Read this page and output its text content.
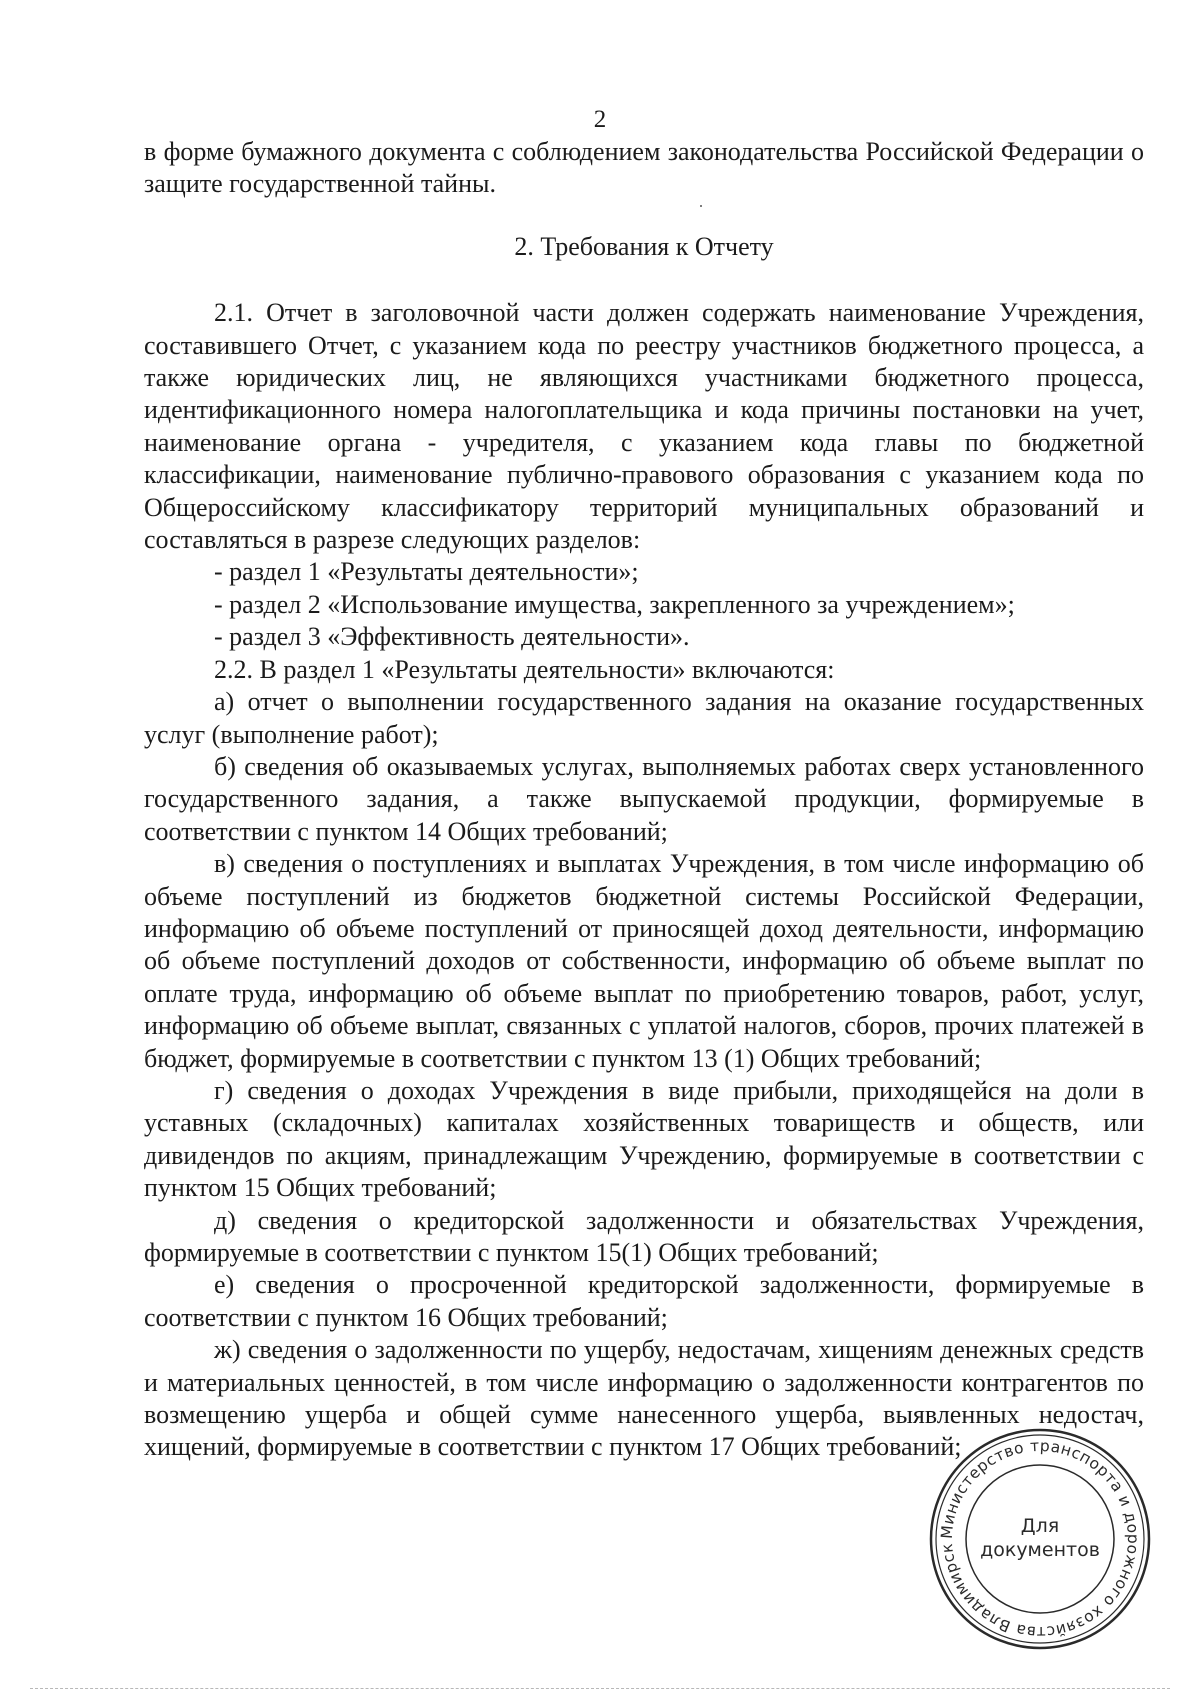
2

в форме бумажного документа с соблюдением законодательства Российской Федерации о защите государственной тайны.

2. Требования к Отчету

2.1. Отчет в заголовочной части должен содержать наименование Учреждения, составившего Отчет, с указанием кода по реестру участников бюджетного процесса, а также юридических лиц, не являющихся участниками бюджетного процесса, идентификационного номера налогоплательщика и кода причины постановки на учет, наименование органа - учредителя, с указанием кода главы по бюджетной классификации, наименование публично-правового образования с указанием кода по Общероссийскому классификатору территорий муниципальных образований и составляться в разрезе следующих разделов:

- раздел 1 «Результаты деятельности»;

- раздел 2 «Использование имущества, закрепленного за учреждением»;

- раздел 3 «Эффективность деятельности».

2.2. В раздел 1 «Результаты деятельности» включаются:

а) отчет о выполнении государственного задания на оказание государственных услуг (выполнение работ);

б) сведения об оказываемых услугах, выполняемых работах сверх установленного государственного задания, а также выпускаемой продукции, формируемые в соответствии с пунктом 14 Общих требований;

в) сведения о поступлениях и выплатах Учреждения, в том числе информацию об объеме поступлений из бюджетов бюджетной системы Российской Федерации, информацию об объеме поступлений от приносящей доход деятельности, информацию об объеме поступлений доходов от собственности, информацию об объеме выплат по оплате труда, информацию об объеме выплат по приобретению товаров, работ, услуг, информацию об объеме выплат, связанных с уплатой налогов, сборов, прочих платежей в бюджет, формируемые в соответствии с пунктом 13 (1) Общих требований;

г) сведения о доходах Учреждения в виде прибыли, приходящейся на доли в уставных (складочных) капиталах хозяйственных товариществ и обществ, или дивидендов по акциям, принадлежащим Учреждению, формируемые в соответствии с пунктом 15 Общих требований;

д) сведения о кредиторской задолженности и обязательствах Учреждения, формируемые в соответствии с пунктом 15(1) Общих требований;

е) сведения о просроченной кредиторской задолженности, формируемые в соответствии с пунктом 16 Общих требований;

ж) сведения о задолженности по ущербу, недостачам, хищениям денежных средств и материальных ценностей, в том числе информацию о задолженности контрагентов по возмещению ущерба и общей сумме нанесенного ущерба, выявленных недостач, хищений, формируемые в соответствии с пунктом 17 Общих требований;

Министерство транспорта и дорожного хозяйства Владимирск
Для
документов
